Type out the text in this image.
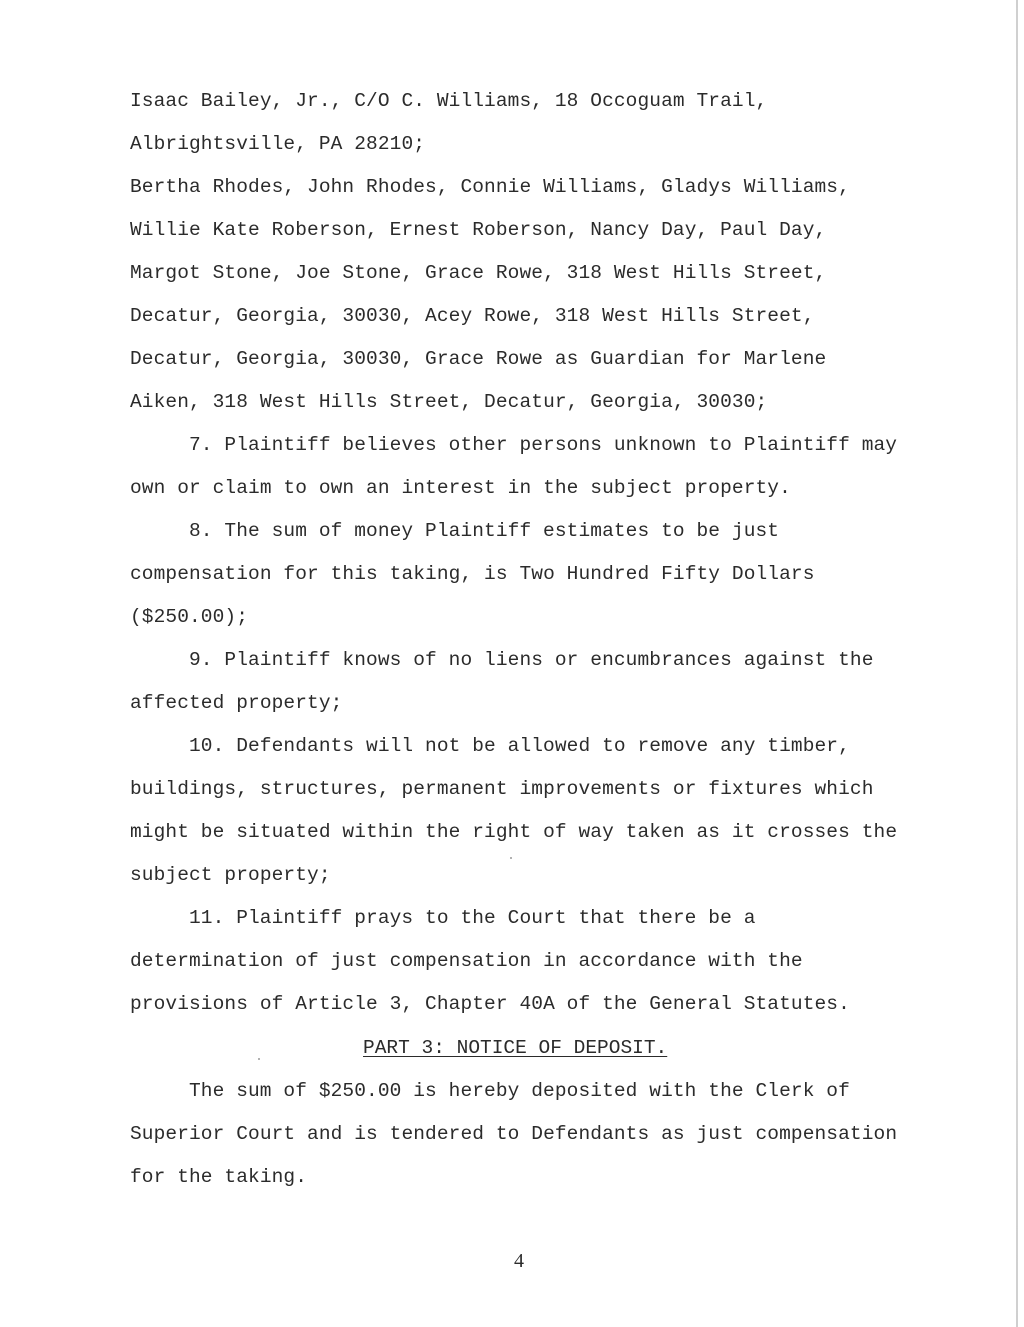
Isaac Bailey, Jr., C/O C. Williams, 18 Occoguam Trail,
Albrightsville, PA 28210;
Bertha Rhodes, John Rhodes, Connie Williams, Gladys Williams,
Willie Kate Roberson, Ernest Roberson, Nancy Day, Paul Day,
Margot Stone, Joe Stone, Grace Rowe, 318 West Hills Street,
Decatur, Georgia, 30030, Acey Rowe, 318 West Hills Street,
Decatur, Georgia, 30030, Grace Rowe as Guardian for Marlene
Aiken, 318 West Hills Street, Decatur, Georgia, 30030;
7. Plaintiff believes other persons unknown to Plaintiff may
own or claim to own an interest in the subject property.
8. The sum of money Plaintiff estimates to be just
compensation for this taking, is Two Hundred Fifty Dollars
($250.00);
9. Plaintiff knows of no liens or encumbrances against the
affected property;
10. Defendants will not be allowed to remove any timber,
buildings, structures, permanent improvements or fixtures which
might be situated within the right of way taken as it crosses the
subject property;
11. Plaintiff prays to the Court that there be a
determination of just compensation in accordance with the
provisions of Article 3, Chapter 40A of the General Statutes.
PART 3: NOTICE OF DEPOSIT.
The sum of $250.00 is hereby deposited with the Clerk of
Superior Court and is tendered to Defendants as just compensation
for the taking.
4
